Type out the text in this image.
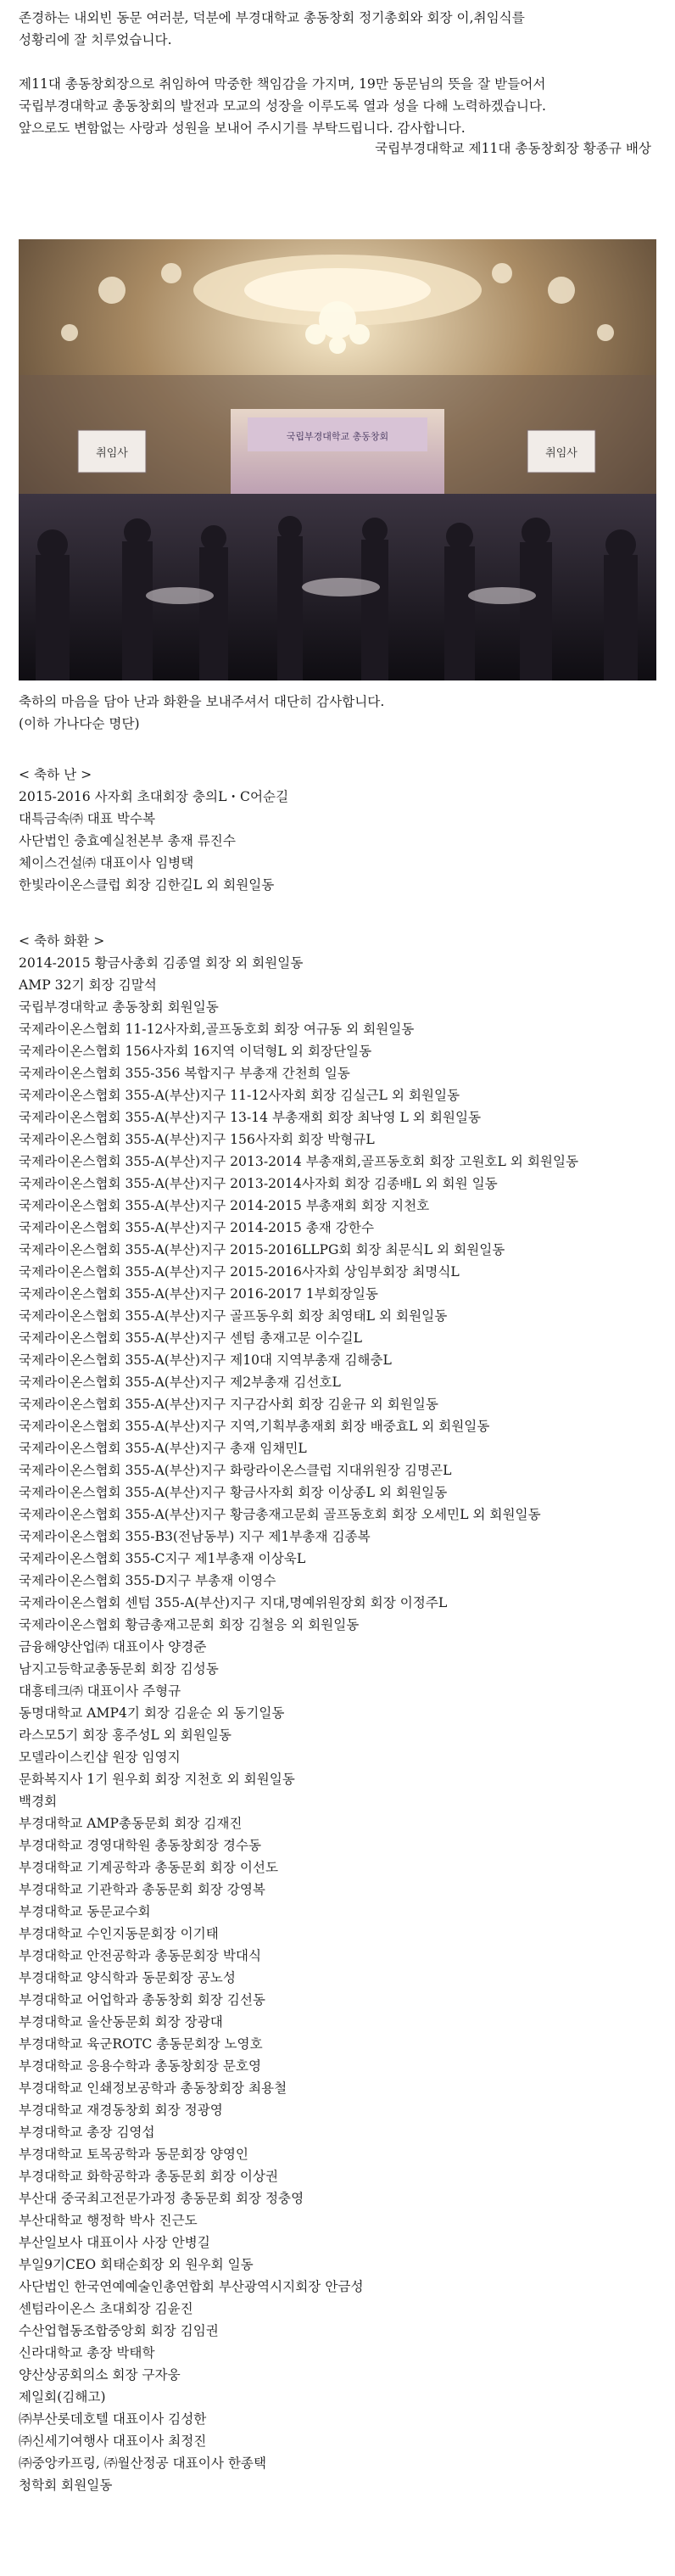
존경하는 내외빈 동문 여러분, 덕분에 부경대학교 총동창회 정기총회와 회장 이,취임식를
성황리에 잘 치루었습니다.
제11대 총동창회장으로 취임하여 막중한 책임감을 가지며, 19만 동문님의 뜻을 잘 받들어서
국립부경대학교 총동창회의 발전과 모교의 성장을 이루도록 열과 성을 다해 노력하겠습니다.
앞으로도 변함없는 사랑과 성원을 보내어 주시기를 부탁드립니다. 감사합니다.
국립부경대학교 제11대 총동창회장 황종규 배상
국립부경대학교 총동창회
취임사	취임사
축하의 마음을 담아 난과 화환을 보내주셔서 대단히 감사합니다.
(이하 가나다순 명단)
< 축하 난 >
2015-2016 사자회 초대회장 충의L・C어순길
대특금속㈜ 대표 박수복
사단법인 충효예실천본부 총재 류진수
체이스건설㈜ 대표이사 임병택
한빛라이온스클럽 회장 김한길L 외 회원일동
< 축하 화환 >
2014-2015 황금사총회 김종열 회장 외 회원일동
AMP 32기 회장 김말석
국립부경대학교 총동창회 회원일동
국제라이온스협회 11-12사자회,골프동호회 회장 여규동 외 회원일동
국제라이온스협회 156사자회 16지역 이덕형L 외 회장단일동
국제라이온스협회 355-356 복합지구 부총재 간천희 일동
국제라이온스협회 355-A(부산)지구 11-12사자회 회장 김실근L 외 회원일동
국제라이온스협회 355-A(부산)지구 13-14 부총재회 회장 최낙영 L 외 회원일동
국제라이온스협회 355-A(부산)지구 156사자회 회장 박형규L
국제라이온스협회 355-A(부산)지구 2013-2014 부총재회,골프동호회 회장 고원호L 외 회원일동
국제라이온스협회 355-A(부산)지구 2013-2014사자회 회장 김종배L 외 회원 일동
국제라이온스협회 355-A(부산)지구 2014-2015 부총재회 회장 지천호
국제라이온스협회 355-A(부산)지구 2014-2015 총재 강한수
국제라이온스협회 355-A(부산)지구 2015-2016LLPG회 회장 최문식L 외 회원일동
국제라이온스협회 355-A(부산)지구 2015-2016사자회 상임부회장 최명식L
국제라이온스협회 355-A(부산)지구 2016-2017 1부회장일동
국제라이온스협회 355-A(부산)지구 골프동우회 회장 최영태L 외 회원일동
국제라이온스협회 355-A(부산)지구 센텀 총재고문 이수길L
국제라이온스협회 355-A(부산)지구 제10대 지역부총재 김해충L
국제라이온스협회 355-A(부산)지구 제2부총재 김선호L
국제라이온스협회 355-A(부산)지구 지구감사회 회장 김윤규 외 회원일동
국제라이온스협회 355-A(부산)지구 지역,기획부총재회 회장 배중효L 외 회원일동
국제라이온스협회 355-A(부산)지구 총재 임채민L
국제라이온스협회 355-A(부산)지구 화랑라이온스클럽 지대위원장 김명곤L
국제라이온스협회 355-A(부산)지구 황금사자회 회장 이상종L 외 회원일동
국제라이온스협회 355-A(부산)지구 황금총재고문회 골프동호회 회장 오세민L 외 회원일동
국제라이온스협회 355-B3(전남동부) 지구 제1부총재 김종복
국제라이온스협회 355-C지구 제1부총재 이상욱L
국제라이온스협회 355-D지구 부총재 이영수
국제라이온스협회 센텀 355-A(부산)지구 지대,명예위원장회 회장 이정주L
국제라이온스협회 황금총재고문회 회장 김철응 외 회원일동
금융해양산업㈜ 대표이사 양경준
남지고등학교총동문회 회장 김성동
대흥테크㈜ 대표이사 주형규
동명대학교 AMP4기 회장 김윤순 외 동기일동
라스모5기 회장 홍주성L 외 회원일동
모델라이스킨샵 원장 임영지
문화복지사 1기 원우회 회장 지천호 외 회원일동
백경회
부경대학교 AMP총동문회 회장 김재진
부경대학교 경영대학원 총동창회장 경수동
부경대학교 기계공학과 총동문회 회장 이선도
부경대학교 기관학과 총동문회 회장 강영복
부경대학교 동문교수회
부경대학교 수인지동문회장 이기태
부경대학교 안전공학과 총동문회장 박대식
부경대학교 양식학과 동문회장 공노성
부경대학교 어업학과 총동창회 회장 김선동
부경대학교 울산동문회 회장 장광대
부경대학교 육군ROTC 총동문회장 노영호
부경대학교 응용수학과 총동창회장 문호영
부경대학교 인쇄정보공학과 총동창회장 최용철
부경대학교 재경동창회 회장 정광영
부경대학교 총장 김영섭
부경대학교 토목공학과 동문회장 양영인
부경대학교 화학공학과 총동문회 회장 이상권
부산대 중국최고전문가과정 총동문회 회장 정충영
부산대학교 행정학 박사 진근도
부산일보사 대표이사 사장 안병길
부일9기CEO 회태순회장 외 원우회 일동
사단법인 한국연예예술인총연합회 부산광역시지회장 안금성
센텀라이온스 초대회장 김윤진
수산업협동조합중앙회 회장 김임권
신라대학교 총장 박태학
양산상공회의소 회장 구자웅
제일회(김해고)
㈜부산롯데호텔 대표이사 김성한
㈜신세기여행사 대표이사 최정진
㈜중앙카프링, ㈜월산정공 대표이사 한종택
청학회 회원일동
